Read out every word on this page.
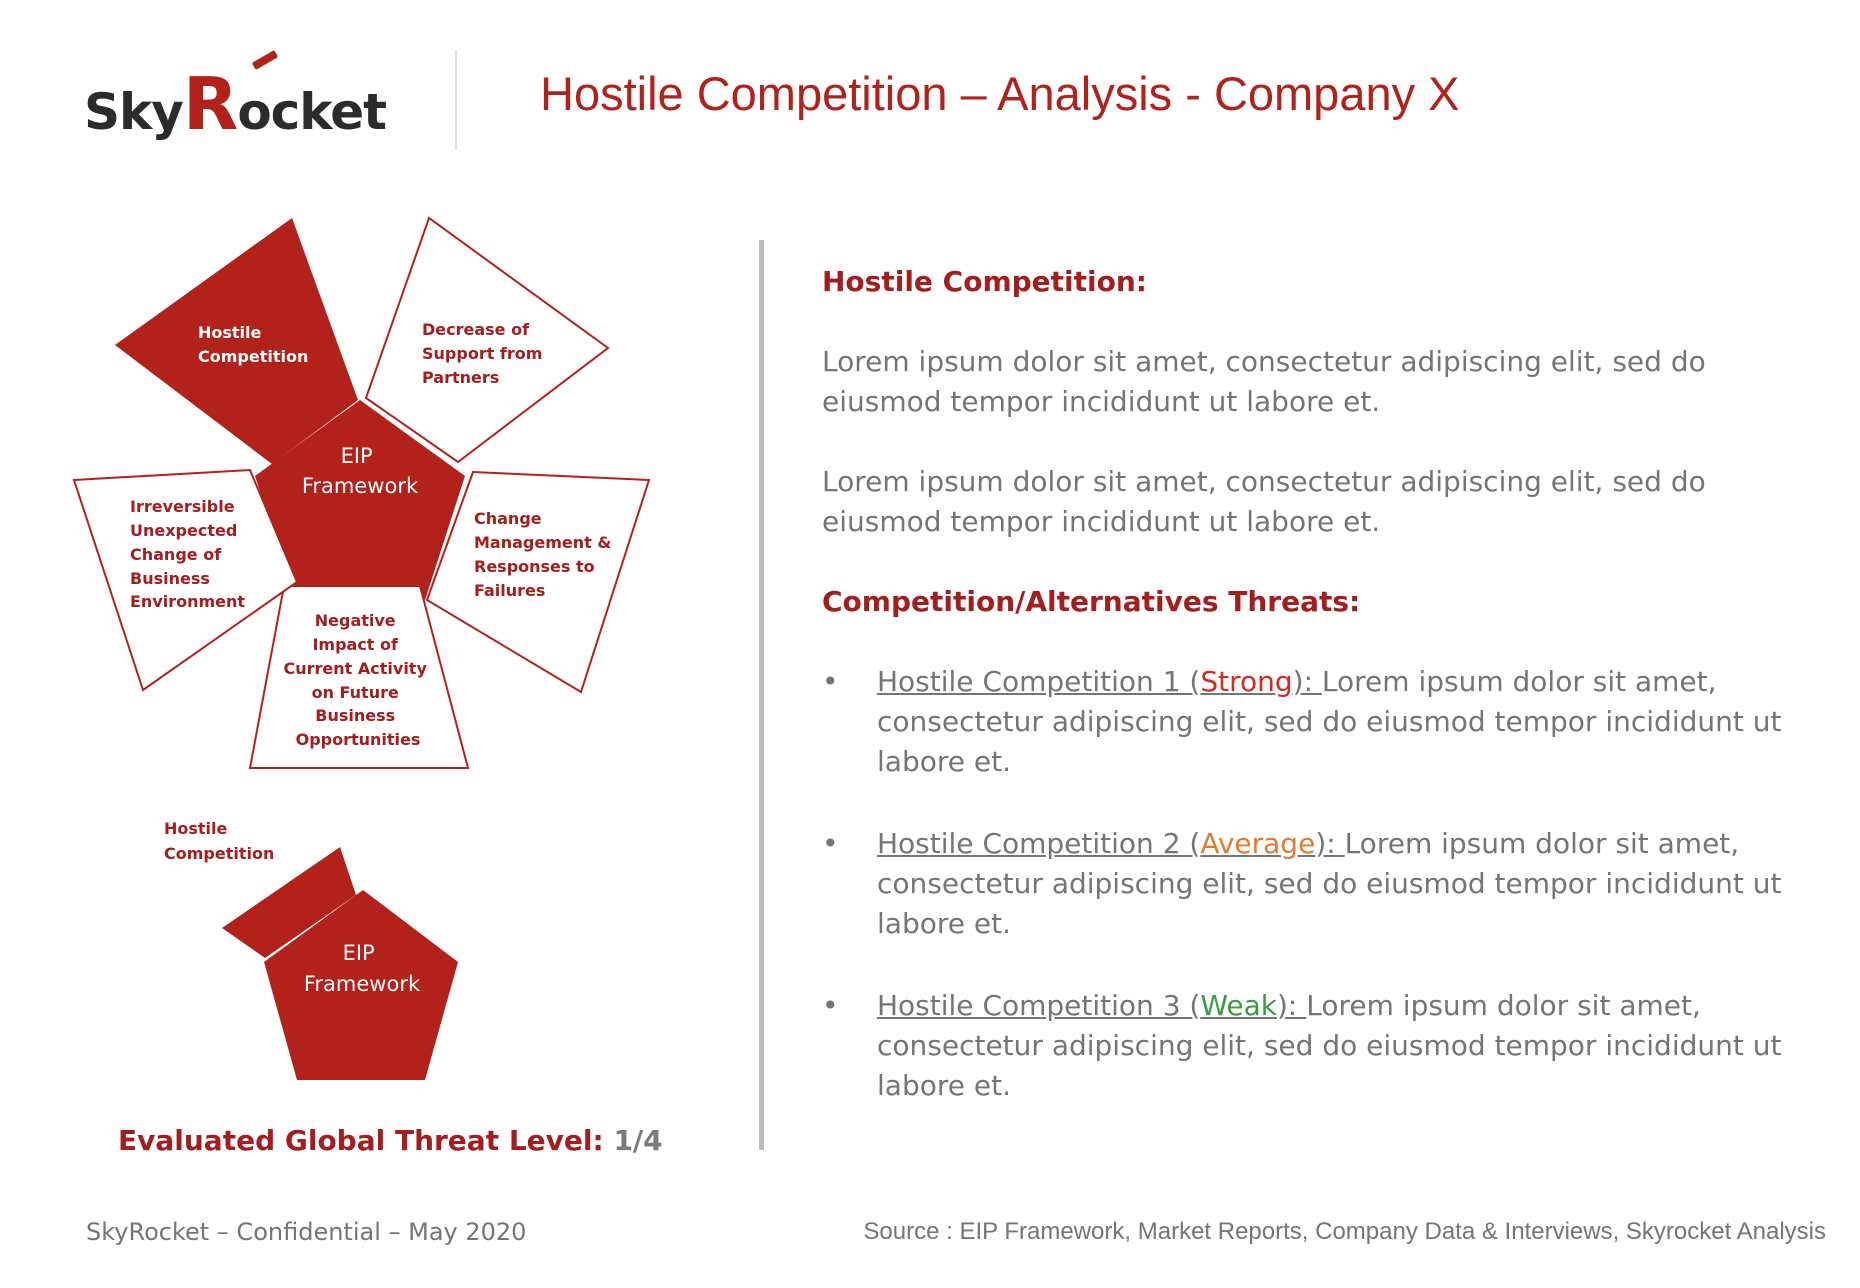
SkyRocket	Hostile Competition – Analysis - Company X
EIP Framework
Hostile Competition
Decrease of Support from Partners
Change Management & Responses to Failures
Negative Impact of Current Activity on Future Business Opportunities
Irreversible Unexpected Change of Business Environment
EIP Framework
Hostile Competition
Evaluated Global Threat Level: 1/4

Hostile Competition:

Lorem ipsum dolor sit amet, consectetur adipiscing elit, sed do eiusmod tempor incididunt ut labore et.

Lorem ipsum dolor sit amet, consectetur adipiscing elit, sed do eiusmod tempor incididunt ut labore et.

Competition/Alternatives Threats:

• Hostile Competition 1 (Strong): Lorem ipsum dolor sit amet, consectetur adipiscing elit, sed do eiusmod tempor incididunt ut labore et.
• Hostile Competition 2 (Average): Lorem ipsum dolor sit amet, consectetur adipiscing elit, sed do eiusmod tempor incididunt ut labore et.
• Hostile Competition 3 (Weak): Lorem ipsum dolor sit amet, consectetur adipiscing elit, sed do eiusmod tempor incididunt ut labore et.
SkyRocket – Confidential – May 2020	Source : EIP Framework, Market Reports, Company Data & Interviews, Skyrocket Analysis
